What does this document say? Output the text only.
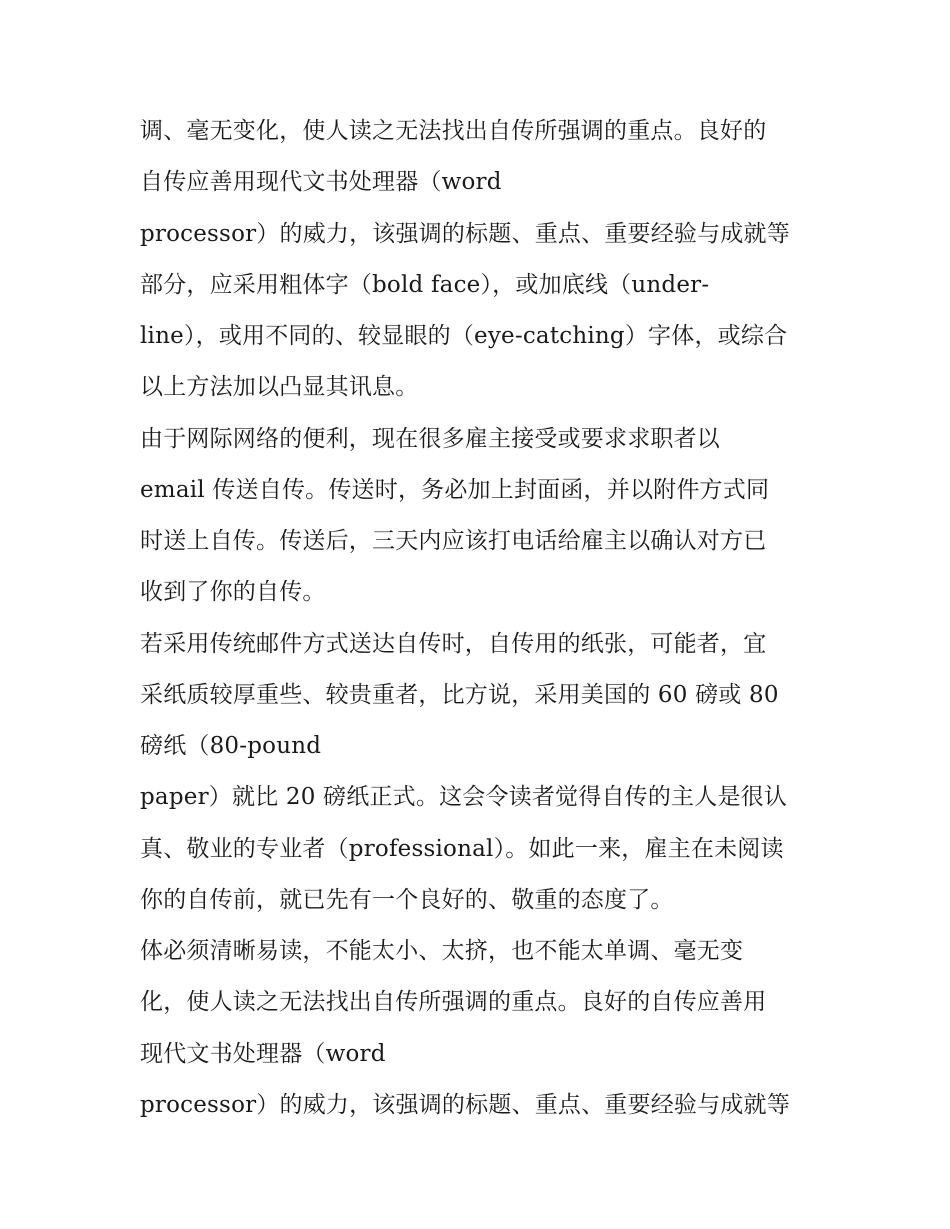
调、毫无变化，使人读之无法找出自传所强调的重点。良好的
自传应善用现代文书处理器（word
processor）的威力，该强调的标题、重点、重要经验与成就等
部分，应采用粗体字（bold face），或加底线（under-
line），或用不同的、较显眼的（eye-catching）字体，或综合
以上方法加以凸显其讯息。
由于网际网络的便利，现在很多雇主接受或要求求职者以
email 传送自传。传送时，务必加上封面函，并以附件方式同
时送上自传。传送后，三天内应该打电话给雇主以确认对方已
收到了你的自传。
若采用传统邮件方式送达自传时，自传用的纸张，可能者，宜
采纸质较厚重些、较贵重者，比方说，采用美国的 60 磅或 80
磅纸（80-pound
paper）就比 20 磅纸正式。这会令读者觉得自传的主人是很认
真、敬业的专业者（professional）。如此一来，雇主在未阅读
你的自传前，就已先有一个良好的、敬重的态度了。
体必须清晰易读，不能太小、太挤，也不能太单调、毫无变
化，使人读之无法找出自传所强调的重点。良好的自传应善用
现代文书处理器（word
processor）的威力，该强调的标题、重点、重要经验与成就等
